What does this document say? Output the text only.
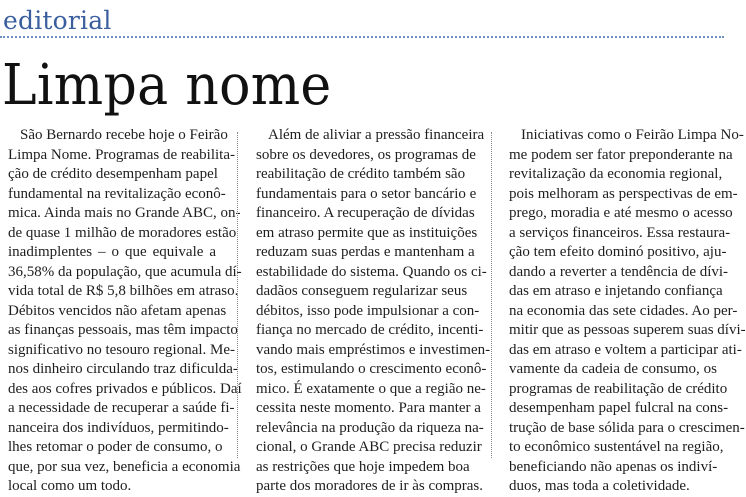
editorial
Limpa nome
São Bernardo recebe hoje o Feirão
Limpa Nome. Programas de reabilita-
ção de crédito desempenham papel
fundamental na revitalização econô-
mica. Ainda mais no Grande ABC, on-
de quase 1 milhão de moradores estão
inadimplentes – o que equivale a
36,58% da população, que acumula dí-
vida total de R$ 5,8 bilhões em atraso.
Débitos vencidos não afetam apenas
as finanças pessoais, mas têm impacto
significativo no tesouro regional. Me-
nos dinheiro circulando traz dificulda-
des aos cofres privados e públicos. Daí
a necessidade de recuperar a saúde fi-
nanceira dos indivíduos, permitindo-
lhes retomar o poder de consumo, o
que, por sua vez, beneficia a economia
local como um todo.
Além de aliviar a pressão financeira
sobre os devedores, os programas de
reabilitação de crédito também são
fundamentais para o setor bancário e
financeiro. A recuperação de dívidas
em atraso permite que as instituições
reduzam suas perdas e mantenham a
estabilidade do sistema. Quando os ci-
dadãos conseguem regularizar seus
débitos, isso pode impulsionar a con-
fiança no mercado de crédito, incenti-
vando mais empréstimos e investimen-
tos, estimulando o crescimento econô-
mico. É exatamente o que a região ne-
cessita neste momento. Para manter a
relevância na produção da riqueza na-
cional, o Grande ABC precisa reduzir
as restrições que hoje impedem boa
parte dos moradores de ir às compras.
Iniciativas como o Feirão Limpa No-
me podem ser fator preponderante na
revitalização da economia regional,
pois melhoram as perspectivas de em-
prego, moradia e até mesmo o acesso
a serviços financeiros. Essa restaura-
ção tem efeito dominó positivo, aju-
dando a reverter a tendência de dívi-
das em atraso e injetando confiança
na economia das sete cidades. Ao per-
mitir que as pessoas superem suas dívi-
das em atraso e voltem a participar ati-
vamente da cadeia de consumo, os
programas de reabilitação de crédito
desempenham papel fulcral na cons-
trução de base sólida para o crescimen-
to econômico sustentável na região,
beneficiando não apenas os indiví-
duos, mas toda a coletividade.
